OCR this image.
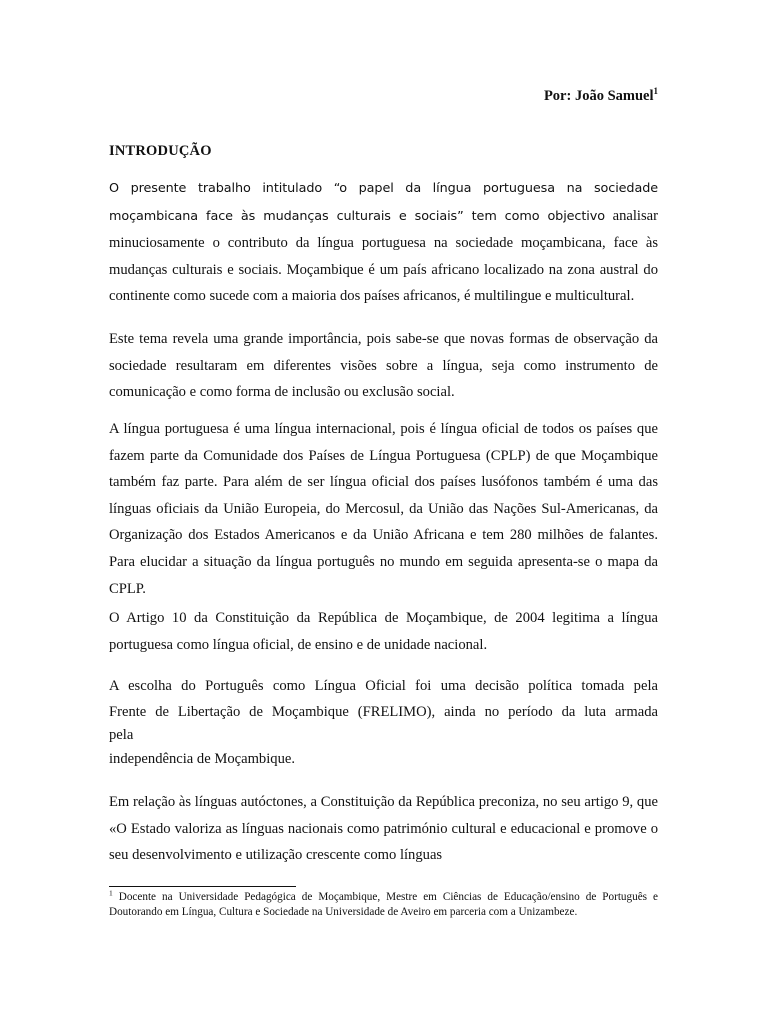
Por: João Samuel$^1$
INTRODUÇÃO

O presente trabalho intitulado “o papel da língua portuguesa na sociedade moçambicana face às mudanças culturais e sociais” tem como objectivo analisar minuciosamente o contributo da língua portuguesa na sociedade moçambicana, face às mudanças culturais e sociais. Moçambique é um país africano localizado na zona austral do continente como sucede com a maioria dos países africanos, é multilingue e multicultural.

Este tema revela uma grande importância, pois sabe-se que novas formas de observação da sociedade resultaram em diferentes visões sobre a língua, seja como instrumento de comunicação e como forma de inclusão ou exclusão social.

A língua portuguesa é uma língua internacional, pois é língua oficial de todos os países que fazem parte da Comunidade dos Países de Língua Portuguesa (CPLP) de que Moçambique também faz parte. Para além de ser língua oficial dos países lusófonos também é uma das línguas oficiais da União Europeia, do Mercosul, da União das Nações Sul-Americanas, da Organização dos Estados Americanos e da União Africana e tem 280 milhões de falantes. Para elucidar a situação da língua português no mundo em seguida apresenta-se o mapa da CPLP.

O Artigo 10 da Constituição da República de Moçambique, de 2004 legitima a língua portuguesa como língua oficial, de ensino e de unidade nacional.

A escolha do Português como Língua Oficial foi uma decisão política tomada pela
Frente de Libertação de Moçambique (FRELIMO), ainda no período da luta armada
pela
independência de Moçambique.

Em relação às línguas autóctones, a Constituição da República preconiza, no seu artigo 9, que «O Estado valoriza as línguas nacionais como património cultural e educacional e promove o seu desenvolvimento e utilização crescente como línguas

$^1$ Docente na Universidade Pedagógica de Moçambique, Mestre em Ciências de Educação/ensino de Português e Doutorando em Língua, Cultura e Sociedade na Universidade de Aveiro em parceria com a Unizambeze.
